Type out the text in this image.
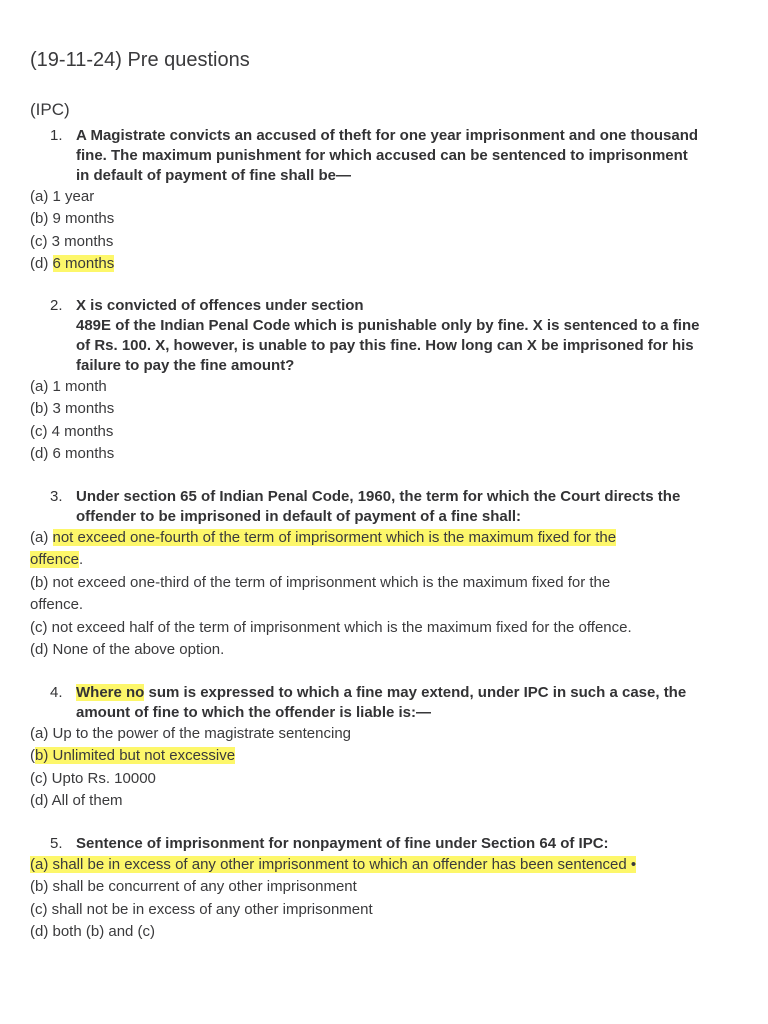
(19-11-24) Pre questions
(IPC)
1. A Magistrate convicts an accused of theft for one year imprisonment and one thousand
fine. The maximum punishment for which accused can be sentenced to imprisonment
in default of payment of fine shall be—
(a) 1 year
(b) 9 months
(c) 3 months
(d) 6 months
2. X is convicted of offences under section
489E of the Indian Penal Code which is punishable only by fine. X is sentenced to a fine
of Rs. 100. X, however, is unable to pay this fine. How long can X be imprisoned for his
failure to pay the fine amount?
(a) 1 month
(b) 3 months
(c) 4 months
(d) 6 months
3. Under section 65 of Indian Penal Code, 1960, the term for which the Court directs the
offender to be imprisoned in default of payment of a fine shall:
(a) not exceed one-fourth of the term of imprisorment which is the maximum fixed for the
offence.
(b) not exceed one-third of the term of imprisonment which is the maximum fixed for the
offence.
(c) not exceed half of the term of imprisonment which is the maximum fixed for the offence.
(d) None of the above option.
4. Where no sum is expressed to which a fine may extend, under IPC in such a case, the
amount of fine to which the offender is liable is:—
(a) Up to the power of the magistrate sentencing
(b) Unlimited but not excessive
(c) Upto Rs. 10000
(d) All of them
5. Sentence of imprisonment for nonpayment of fine under Section 64 of IPC:
(a) shall be in excess of any other imprisonment to which an offender has been sentenced •
(b) shall be concurrent of any other imprisonment
(c) shall not be in excess of any other imprisonment
(d) both (b) and (c)
